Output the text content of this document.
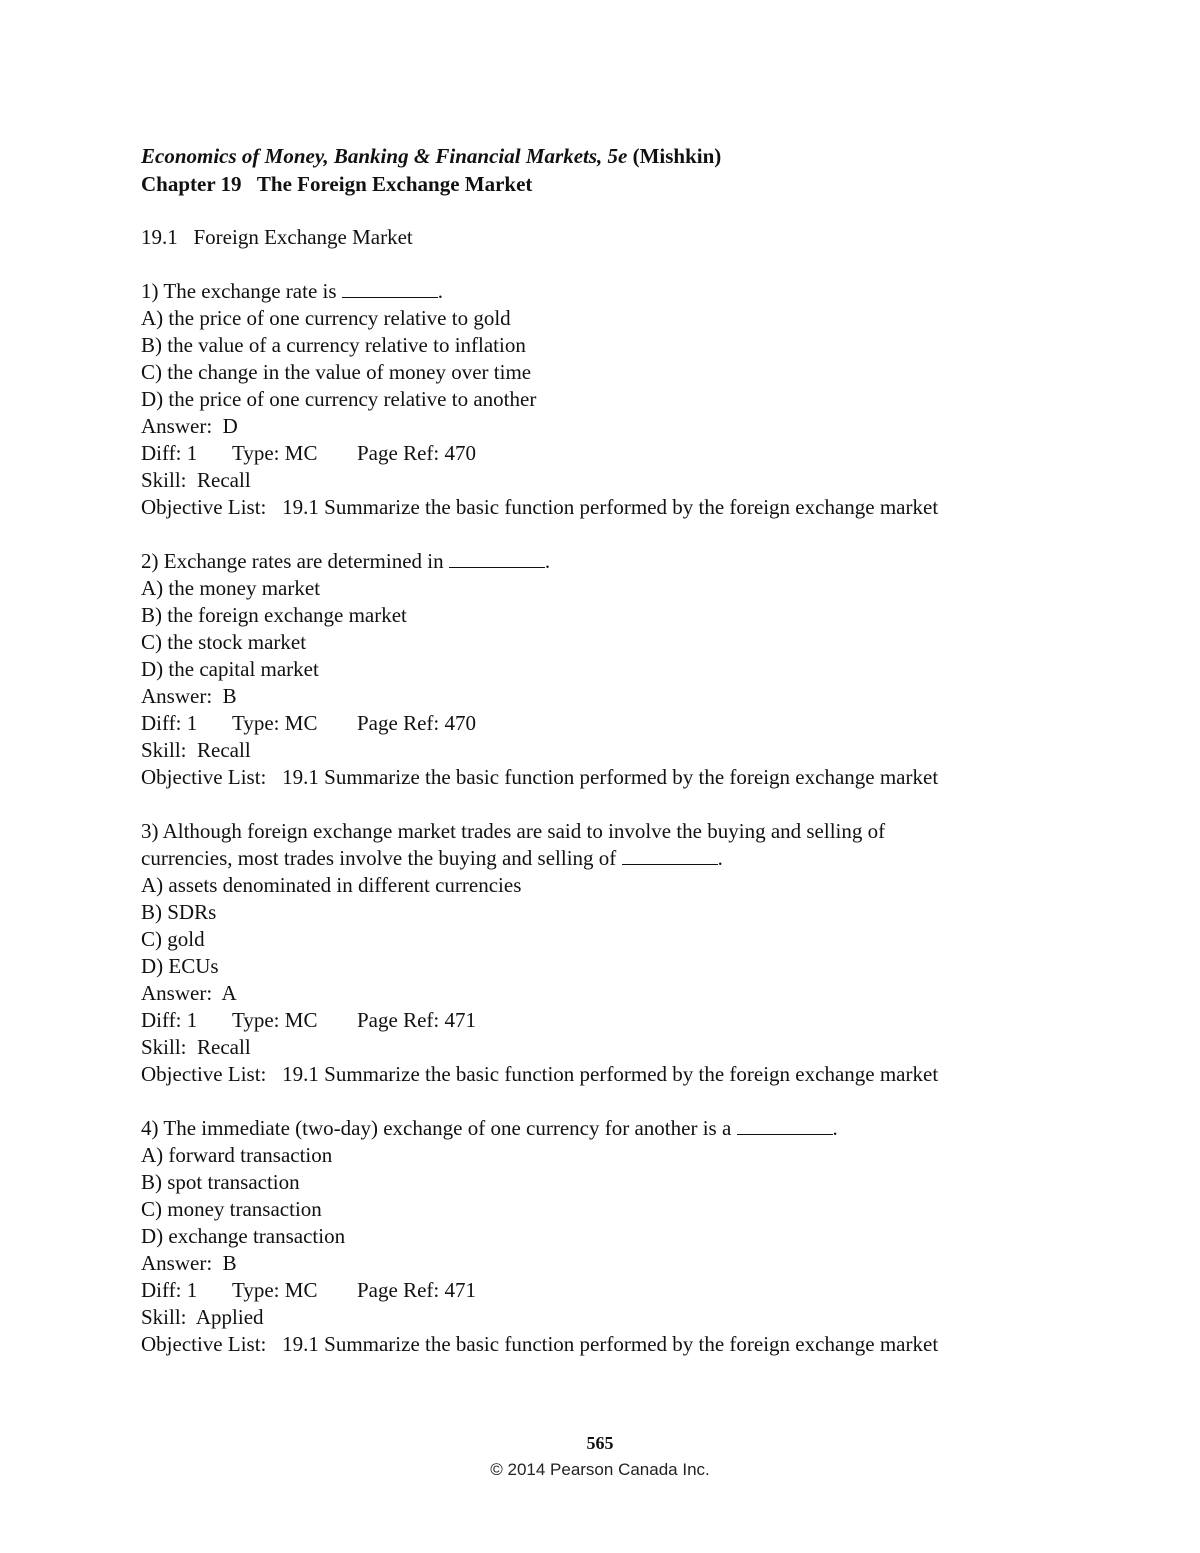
Economics of Money, Banking & Financial Markets, 5e (Mishkin)
Chapter 19   The Foreign Exchange Market

19.1   Foreign Exchange Market

1) The exchange rate is	.

A) the price of one currency relative to gold

B) the value of a currency relative to inflation

C) the change in the value of money over time

D) the price of one currency relative to another

Answer:  D

Diff: 1	Type: MC	Page Ref: 470

Skill:  Recall

Objective List:   19.1 Summarize the basic function performed by the foreign exchange market

2) Exchange rates are determined in	.

A) the money market

B) the foreign exchange market

C) the stock market

D) the capital market

Answer:  B

Diff: 1	Type: MC	Page Ref: 470

Skill:  Recall

Objective List:   19.1 Summarize the basic function performed by the foreign exchange market

3) Although foreign exchange market trades are said to involve the buying and selling of

currencies, most trades involve the buying and selling of	.

A) assets denominated in different currencies

B) SDRs

C) gold

D) ECUs

Answer:  A

Diff: 1	Type: MC	Page Ref: 471

Skill:  Recall

Objective List:   19.1 Summarize the basic function performed by the foreign exchange market

4) The immediate (two-day) exchange of one currency for another is a	.

A) forward transaction

B) spot transaction

C) money transaction

D) exchange transaction

Answer:  B

Diff: 1	Type: MC	Page Ref: 471

Skill:  Applied

Objective List:   19.1 Summarize the basic function performed by the foreign exchange market

565
© 2014 Pearson Canada Inc.
